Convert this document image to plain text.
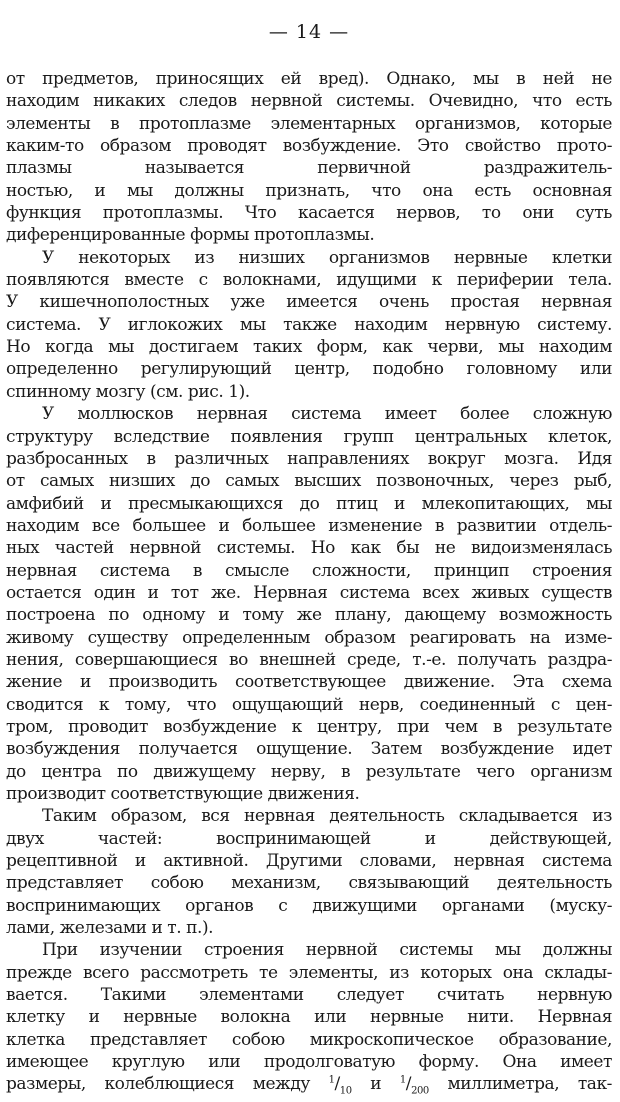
— 14 —
от предметов, приносящих ей вред). Однако, мы в ней не
находим никаких следов нервной системы. Очевидно, что есть
элементы в протоплазме элементарных организмов, которые
каким-то образом проводят возбуждение. Это свойство прото-
плазмы называется первичной раздражитель-
ностью, и мы должны признать, что она есть основная
функция протоплазмы. Что касается нервов, то они суть
диференцированные формы протоплазмы.
У некоторых из низших организмов нервные клетки
появляются вместе с волокнами, идущими к периферии тела.
У кишечнополостных уже имеется очень простая нервная
система. У иглокожих мы также находим нервную систему.
Но когда мы достигаем таких форм, как черви, мы находим
определенно регулирующий центр, подобно головному или
спинному мозгу (см. рис. 1).
У моллюсков нервная система имеет более сложную
структуру вследствие появления групп центральных клеток,
разбросанных в различных направлениях вокруг мозга. Идя
от самых низших до самых высших позвоночных, через рыб,
амфибий и пресмыкающихся до птиц и млекопитающих, мы
находим все большее и большее изменение в развитии отдель-
ных частей нервной системы. Но как бы не видоизменялась
нервная система в смысле сложности, принцип строения
остается один и тот же. Нервная система всех живых существ
построена по одному и тому же плану, дающему возможность
живому существу определенным образом реагировать на изме-
нения, совершающиеся во внешней среде, т.-е. получать раздра-
жение и производить соответствующее движение. Эта схема
сводится к тому, что ощущающий нерв, соединенный с цен-
тром, проводит возбуждение к центру, при чем в результате
возбуждения получается ощущение. Затем возбуждение идет
до центра по движущему нерву, в результате чего организм
производит соответствующие движения.
Таким образом, вся нервная деятельность складывается из
двух частей: воспринимающей и действующей,
рецептивной и активной. Другими словами, нервная система
представляет собою механизм, связывающий деятельность
воспринимающих органов с движущими органами (муску-
лами, железами и т. п.).
При изучении строения нервной системы мы должны
прежде всего рассмотреть те элементы, из которых она склады-
вается. Такими элементами следует считать нервную
клетку и нервные волокна или нервные нити. Нервная
клетка представляет собою микроскопическое образование,
имеющее круглую или продолговатую форму. Она имеет
размеры, колеблющиеся между $^1/_{10}$ и $^1/_{200}$ миллиметра, так-
